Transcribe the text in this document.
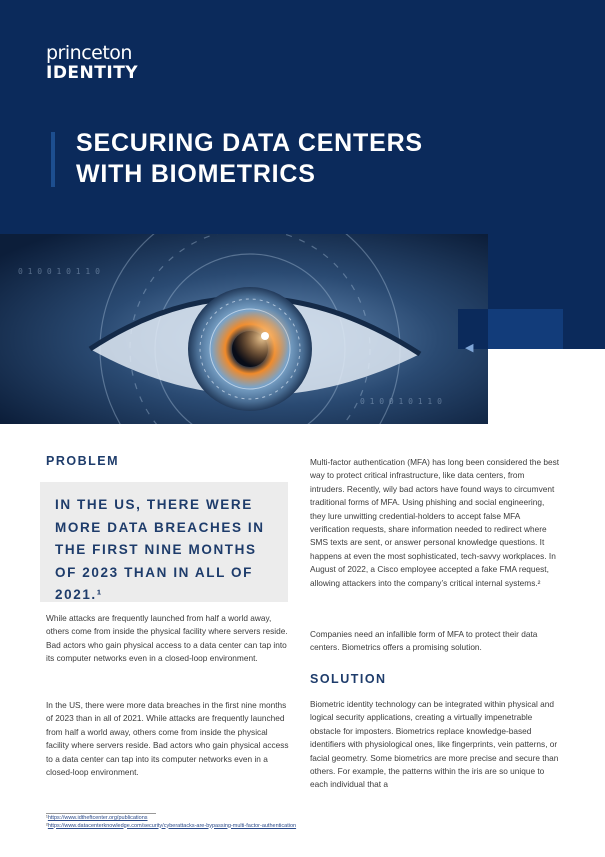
princeton
IDENTITY
SECURING DATA CENTERS
WITH BIOMETRICS
0 1 0 0 1 0 1 1 0
0 1 0 0 1 0 1 1 0
◀
PROBLEM
IN THE US, THERE WERE MORE DATA BREACHES IN THE FIRST NINE MONTHS OF 2023 THAN IN ALL OF 2021.¹

While attacks are frequently launched from half a world away, others come from inside the physical facility where servers reside. Bad actors who gain physical access to a data center can tap into its computer networks even in a closed-loop environment.

In the US, there were more data breaches in the first nine months of 2023 than in all of 2021. While attacks are frequently launched from half a world away, others come from inside the physical facility where servers reside. Bad actors who gain physical access to a data center can tap into its computer networks even in a closed-loop environment.

Multi-factor authentication (MFA) has long been considered the best way to protect critical infrastructure, like data centers, from intruders. Recently, wily bad actors have found ways to circumvent traditional forms of MFA. Using phishing and social engineering, they lure unwitting credential-holders to accept false MFA verification requests, share information needed to redirect where SMS texts are sent, or answer personal knowledge questions. It happens at even the most sophisticated, tech-savvy workplaces. In August of 2022, a Cisco employee accepted a fake FMA request, allowing attackers into the company’s critical internal systems.²

Companies need an infallible form of MFA to protect their data centers. Biometrics offers a promising solution.

SOLUTION

Biometric identity technology can be integrated within physical and logical security applications, creating a virtually impenetrable obstacle for imposters. Biometrics replace knowledge-based identifiers with physiological ones, like fingerprints, vein patterns, or facial geometry. Some biometrics are more precise and secure than others. For example, the patterns within the iris are so unique to each individual that a

¹https://www.idtheftcenter.org/publications
²https://www.datacenterknowledge.com/security/cyberattacks-are-bypassing-multi-factor-authentication
